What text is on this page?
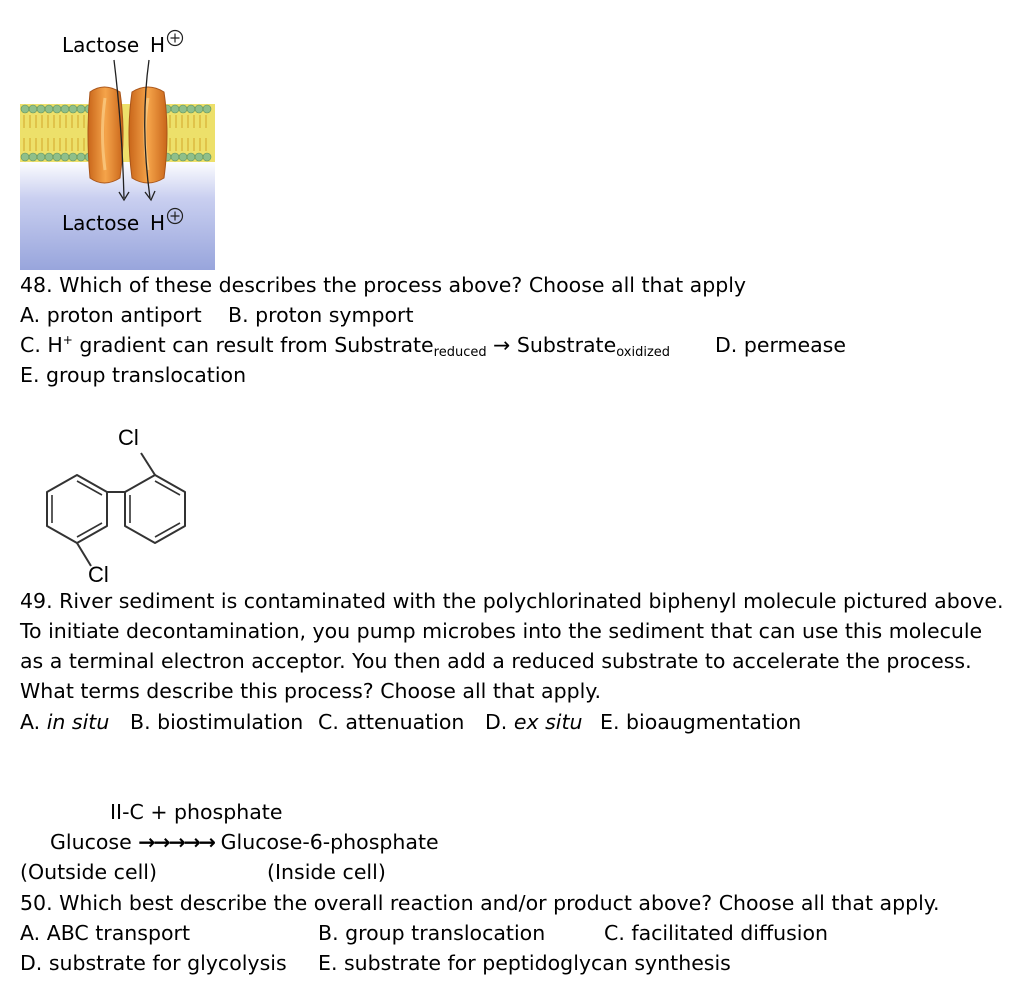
Lactose H
Lactose H
48. Which of these describes the process above? Choose all that apply
A. proton antiport B. proton symport
C. H+ gradient can result from Substratereduced → Substrateoxidized D. permease
E. group translocation
Cl
Cl
49. River sediment is contaminated with the polychlorinated biphenyl molecule pictured above.
To initiate decontamination, you pump microbes into the sediment that can use this molecule
as a terminal electron acceptor. You then add a reduced substrate to accelerate the process.
What terms describe this process? Choose all that apply.
A. in situ B. biostimulation C. attenuation D. ex situ E. bioaugmentation
II-C + phosphate
Glucose →→→→→ Glucose-6-phosphate
(Outside cell)	(Inside cell)
50. Which best describe the overall reaction and/or product above? Choose all that apply.
A. ABC transport	B. group translocation	C. facilitated diffusion
D. substrate for glycolysis E. substrate for peptidoglycan synthesis
